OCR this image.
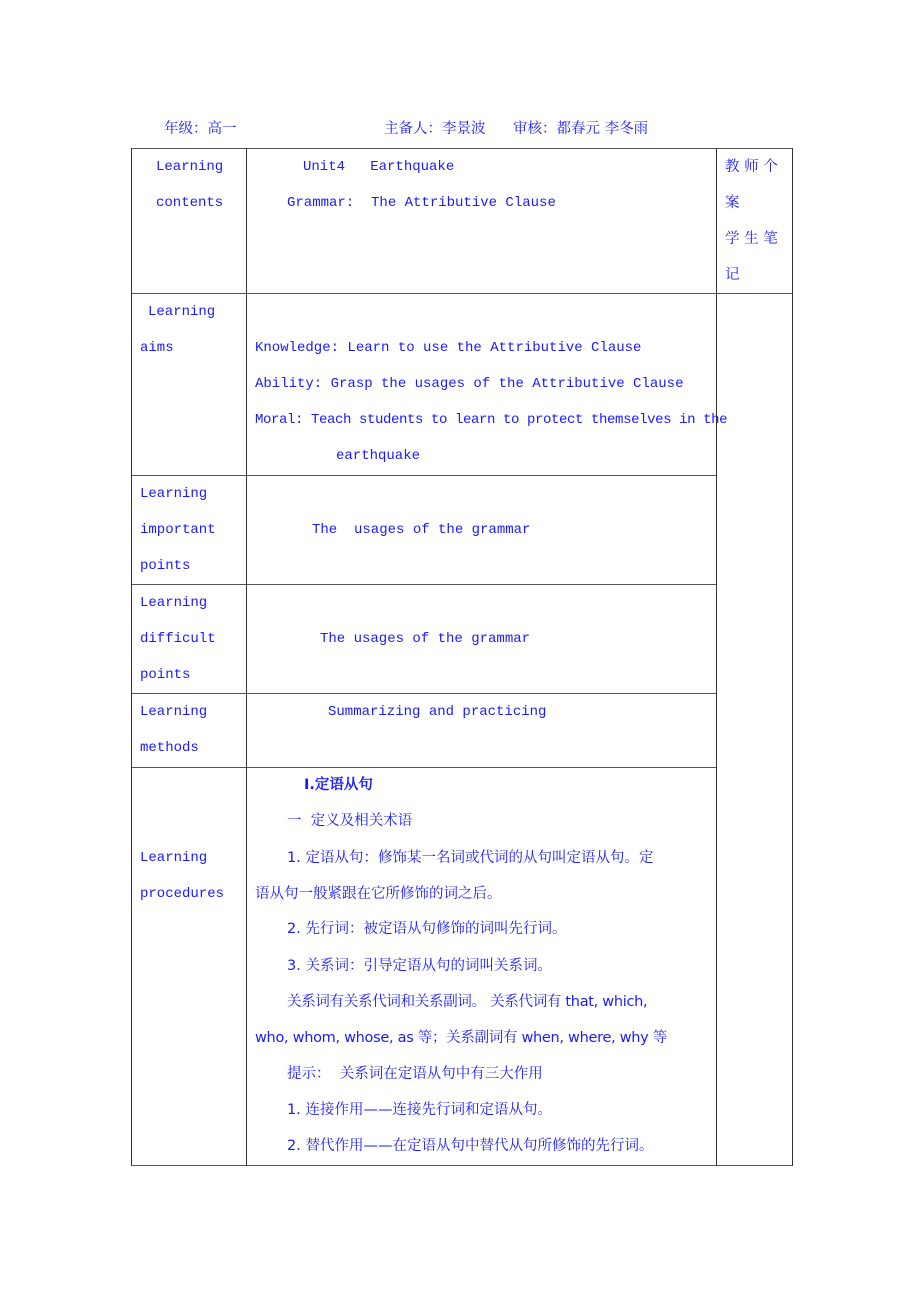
年级：高一	主备人：李景波 审核：都春元 李冬雨
教 师 个
案
学 生 笔
记
Learning
contents
Unit4   Earthquake
Grammar:  The Attributive Clause
Learning
aims	Knowledge: Learn to use the Attributive Clause
Ability: Grasp the usages of the Attributive Clause
Moral: Teach students to learn to protect themselves in the
earthquake
Learning
important
points
The  usages of the grammar
Learning
difficult
points
The usages of the grammar
Learning
methods
Summarizing and practicing
Learning
procedures
I.定语从句
一  定义及相关术语
1. 定语从句：修饰某一名词或代词的从句叫定语从句。定
语从句一般紧跟在它所修饰的词之后。
2. 先行词：被定语从句修饰的词叫先行词。
3. 关系词：引导定语从句的词叫关系词。
关系词有关系代词和关系副词。 关系代词有 that, which,
who, whom, whose, as 等；关系副词有 when, where, why 等
提示：  关系词在定语从句中有三大作用
1. 连接作用——连接先行词和定语从句。
2. 替代作用——在定语从句中替代从句所修饰的先行词。
